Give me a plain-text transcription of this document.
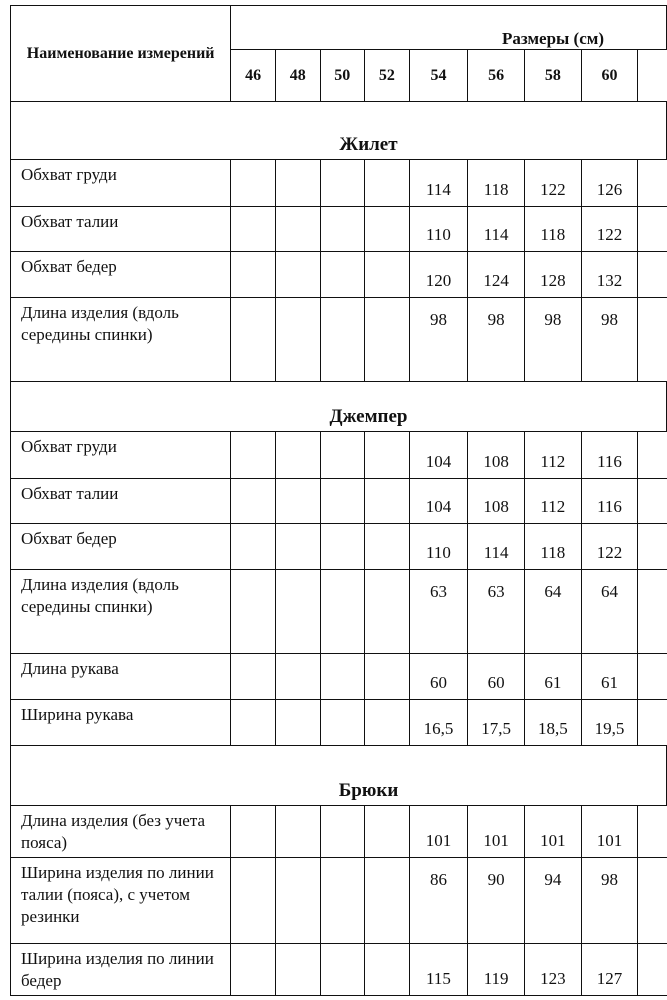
Наименование измерений	Размеры (см)								
	46	48	50	52	54	56	58	60	
Жилет									
Обхват груди					114	118	122	126	
Обхват талии					110	114	118	122	
Обхват бедер					120	124	128	132	
Длина изделия (вдоль середины спинки)					98	98	98	98	
Джемпер									
Обхват груди					104	108	112	116	
Обхват талии					104	108	112	116	
Обхват бедер					110	114	118	122	
Длина изделия (вдоль середины спинки)					63	63	64	64	
Длина рукава					60	60	61	61	
Ширина рукава					16,5	17,5	18,5	19,5	
Брюки									
Длина изделия (без учета пояса)					101	101	101	101	
Ширина изделия по линии талии (пояса), с учетом резинки					86	90	94	98	
Ширина изделия по линии бедер					115	119	123	127	
